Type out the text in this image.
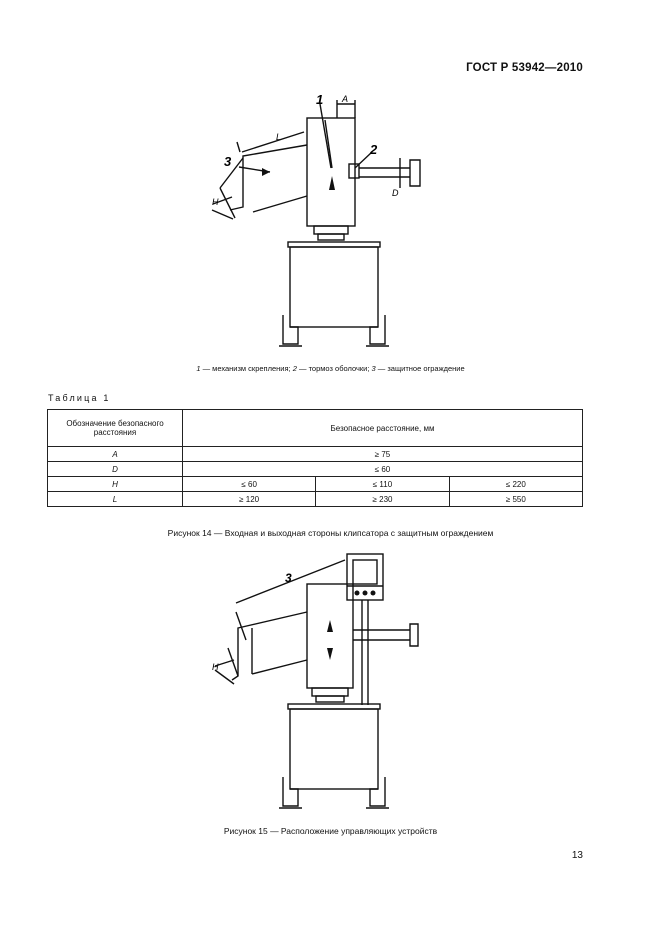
ГОСТ Р 53942—2010
1
2
3
A
L
H
D
1 — механизм скрепления; 2 — тормоз оболочки; 3 — защитное ограждение
Таблица 1
Обозначение безопасного расстояния	Безопасное расстояние, мм		
A	≥ 75		
D	≤ 60		
H	≤ 60	≤ 110	≤ 220
L	≥ 120	≥ 230	≥ 550
Рисунок 14 — Входная и выходная стороны клипсатора с защитным ограждением
3
H
Рисунок 15 — Расположение управляющих устройств
13
